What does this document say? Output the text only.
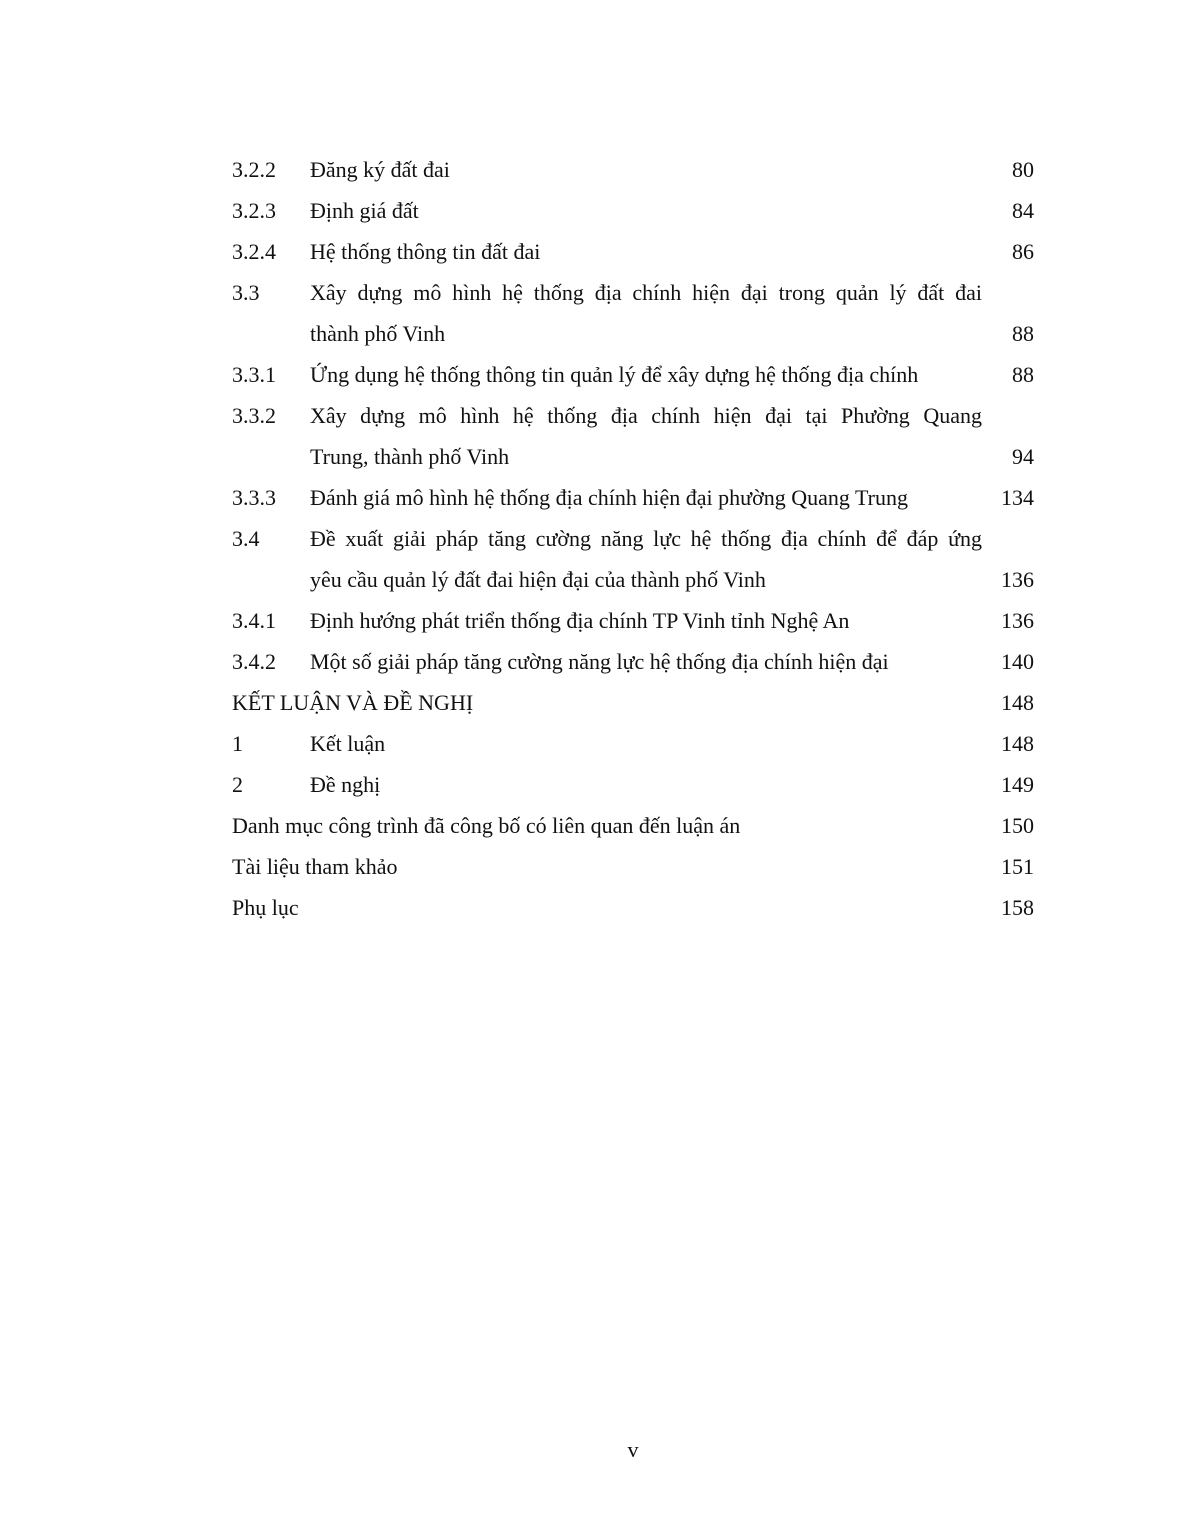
3.2.2 Đăng ký đất đai	80
3.2.3 Định giá đất	84
3.2.4 Hệ thống thông tin đất đai	86
3.3 Xây dựng mô hình hệ thống địa chính hiện đại trong quản lý đất đai
thành phố Vinh	88
3.3.1 Ứng dụng hệ thống thông tin quản lý để xây dựng hệ thống địa chính	88
3.3.2 Xây dựng mô hình hệ thống địa chính hiện đại tại Phường Quang
Trung, thành phố Vinh	94
3.3.3 Đánh giá mô hình hệ thống địa chính hiện đại phường Quang Trung	134
3.4 Đề xuất giải pháp tăng cường năng lực hệ thống địa chính để đáp ứng
yêu cầu quản lý đất đai hiện đại của thành phố Vinh	136
3.4.1 Định hướng phát triển thống địa chính TP Vinh tỉnh Nghệ An	136
3.4.2 Một số giải pháp tăng cường năng lực hệ thống địa chính hiện đại	140
KẾT LUẬN VÀ ĐỀ NGHỊ	148
1	Kết luận	148
2	Đề nghị	149
Danh mục công trình đã công bố có liên quan đến luận án	150
Tài liệu tham khảo	151
Phụ lục	158
v
